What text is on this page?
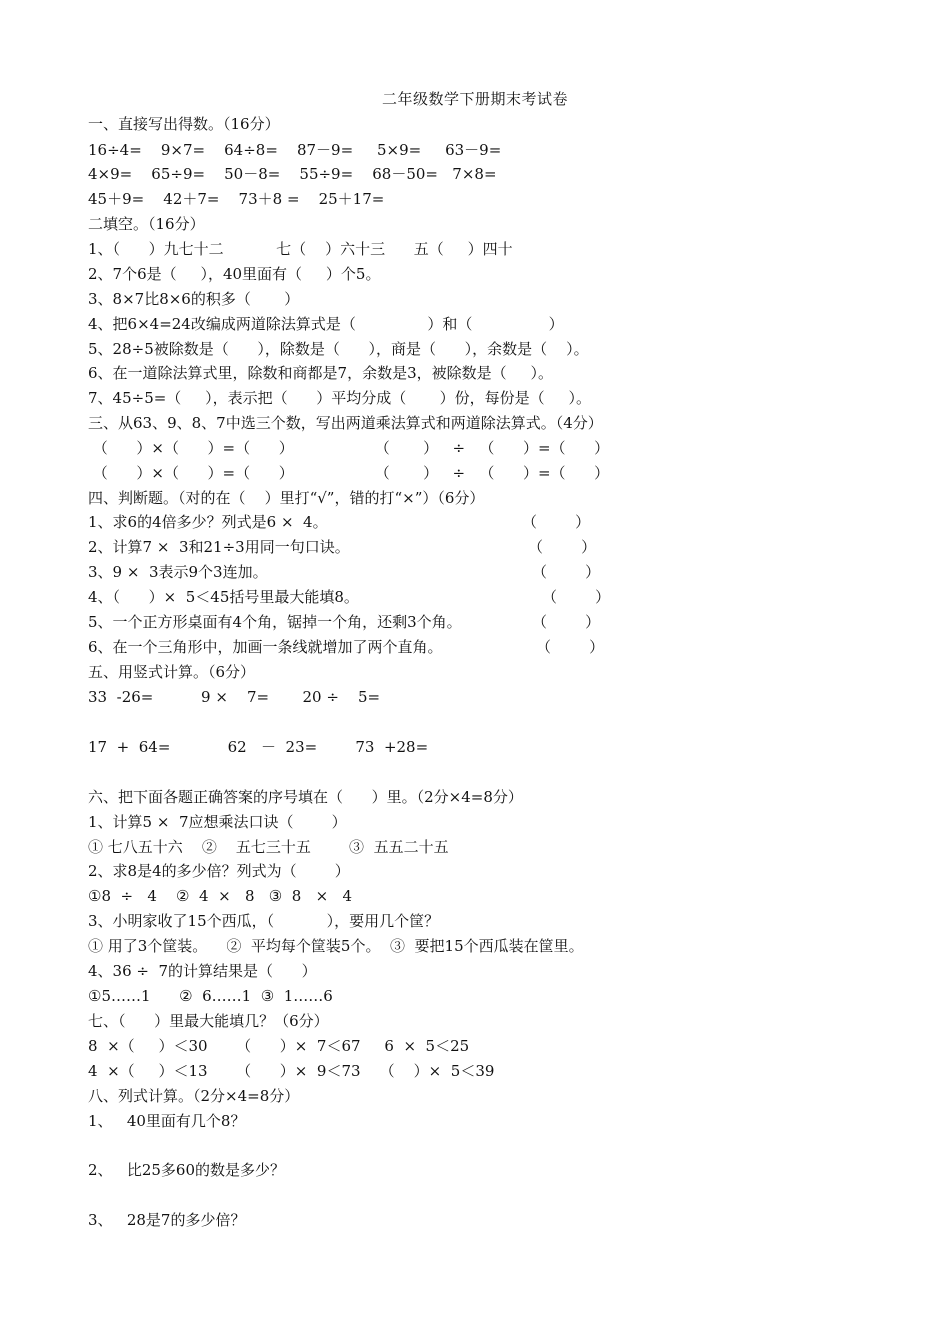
二年级数学下册期末考试卷
一、直接写出得数。（16分）
16÷4=    9×7=    64÷8=    87－9=     5×9=     63－9=
4×9=    65÷9=    50－8=    55÷9=    68－50=   7×8=
45＋9=    42＋7=    73＋8 =    25＋17=
二填空。（16分）
1、（      ）九七十二           七（    ）六十三      五（     ）四十
2、7个6是（     ），40里面有（     ）个5。
3、8×7比8×6的积多（       ）
4、把6×4=24改编成两道除法算式是（               ）和（                ）
5、28÷5被除数是（      ），除数是（      ），商是（      ），余数是（    ）。
6、在一道除法算式里，除数和商都是7，余数是3，被除数是（     ）。
7、45÷5=（     ），表示把（      ）平均分成（       ）份，每份是（     ）。
三、从63、9、8、7中选三个数，写出两道乘法算式和两道除法算式。（4分）
（      ）×（      ）=（      ）                 （       ）   ÷   （      ）=（      ）
（      ）×（      ）=（      ）                 （       ）   ÷   （      ）=（      ）
四、判断题。（对的在（    ）里打“√”，错的打“×”）（6分）
1、求6的4倍多少？列式是6 ×  4。
2、计算7 ×  3和21÷3用同一句口诀。
3、9 ×  3表示9个3连加。
4、（      ）×  5＜45括号里最大能填8。
5、一个正方形桌面有4个角，锯掉一个角，还剩3个角。
6、在一个三角形中，加画一条线就增加了两个直角。
五、用竖式计算。（6分）
33  -26=          9 ×    7=       20 ÷    5=
17  +  64=            62   －  23=        73  +28=
六、把下面各题正确答案的序号填在（      ）里。（2分×4=8分）
1、计算5 ×  7应想乘法口诀（        ）
① 七八五十六    ②    五七三十五        ③  五五二十五
2、求8是4的多少倍？列式为（        ）
①8  ÷   4    ②  4  ×   8   ③  8   ×   4
3、小明家收了15个西瓜，（           ），要用几个筐？
① 用了3个筐装。    ②  平均每个筐装5个。  ③  要把15个西瓜装在筐里。
4、36 ÷  7的计算结果是（      ）
①5……1      ②  6……1  ③  1……6
七、（      ）里最大能填几？（6分）
8  ×（     ）＜30      （      ）×  7＜67     6  ×  5＜25
4  ×（     ）＜13      （      ）×  9＜73    （    ）×  5＜39
八、列式计算。（2分×4=8分）
1、   40里面有几个8？
2、   比25多60的数是多少？
3、   28是7的多少倍？
（        ）
（        ）
（        ）
（        ）
（        ）
（        ）
